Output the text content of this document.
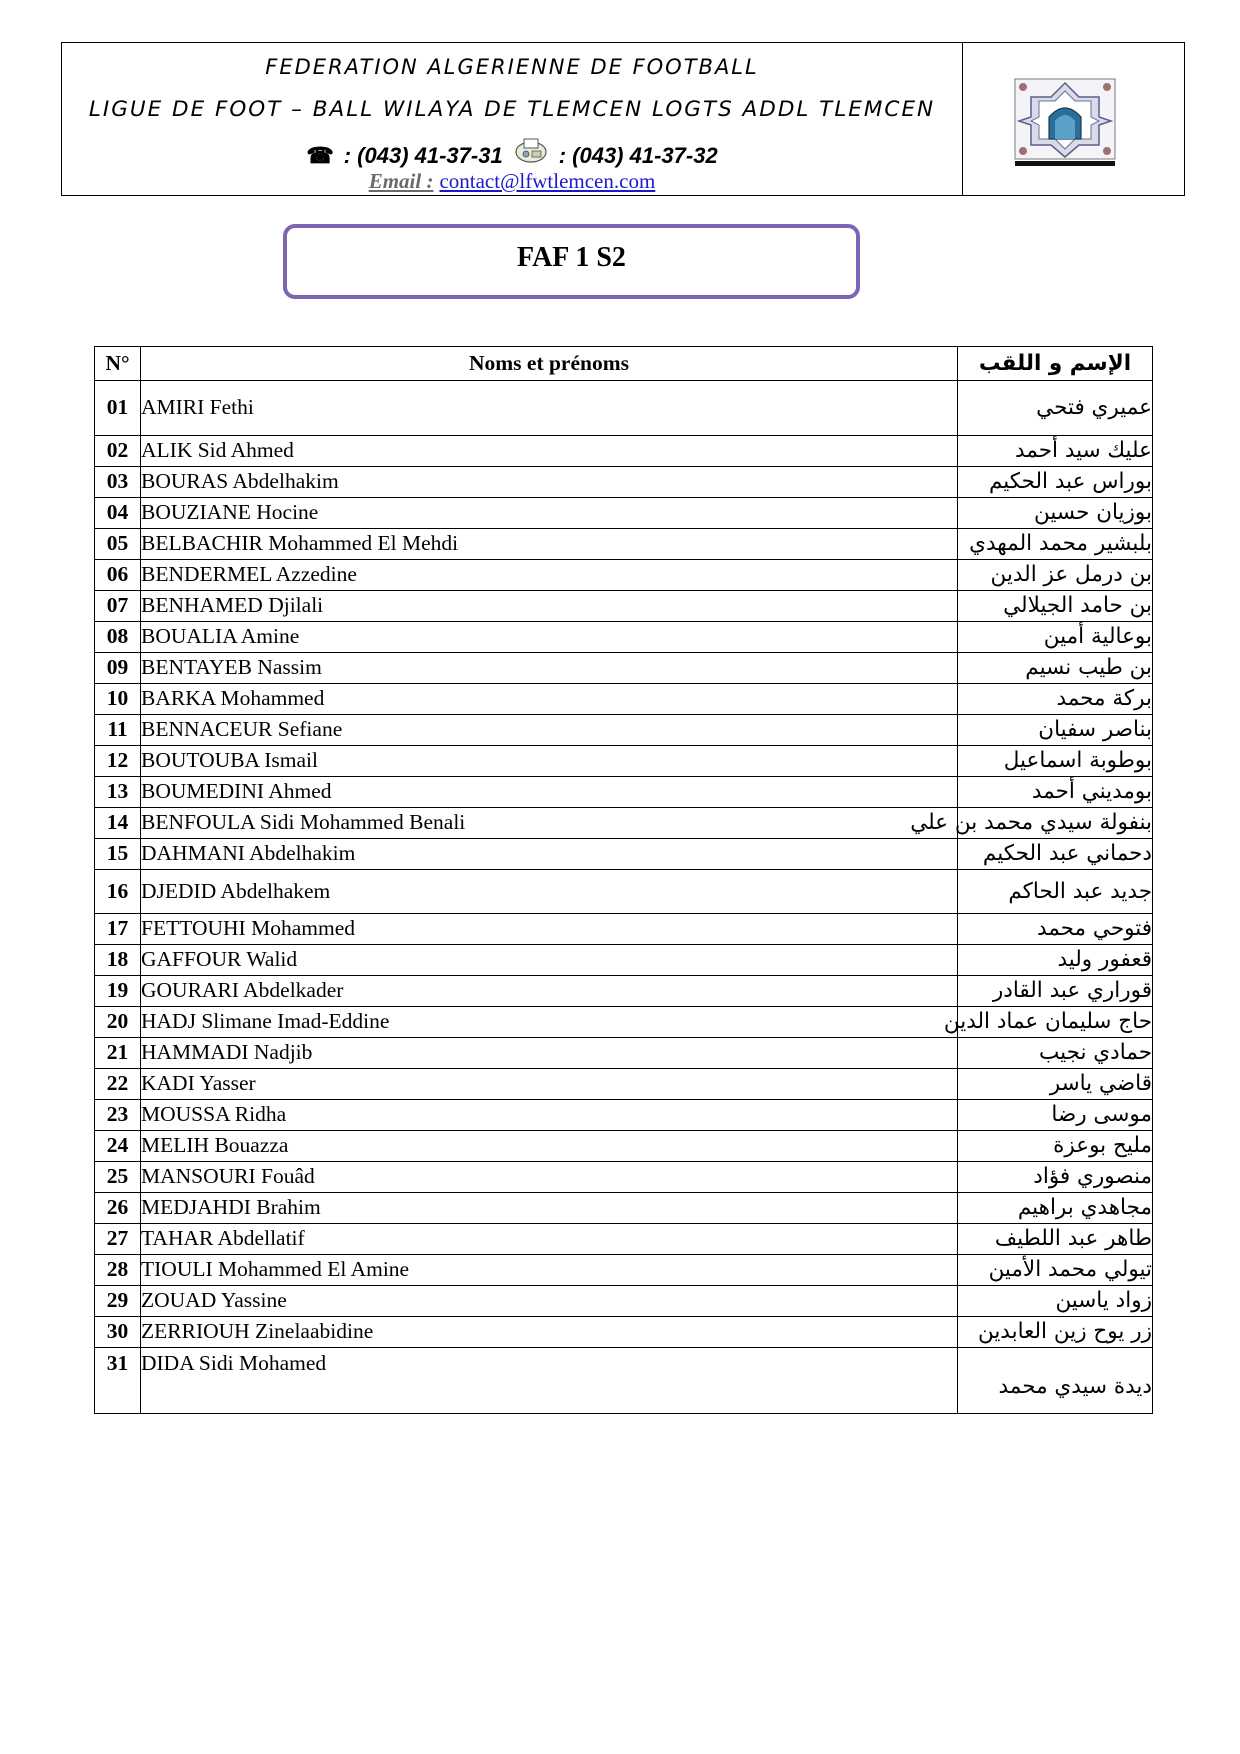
FEDERATION ALGERIENNE DE FOOTBALL
LIGUE DE FOOT – BALL WILAYA DE TLEMCEN LOGTS ADDL TLEMCEN
☎ : (043) 41-37-31	: (043) 41-37-32
Email : contact@lfwtlemcen.com
FAF 1 S2
N°	Noms et prénoms	الإسم و اللقب
01	AMIRI Fethi	عميري فتحي
02	ALIK Sid Ahmed	عليك سيد أحمد
03	BOURAS Abdelhakim	بوراس عبد الحكيم
04	BOUZIANE Hocine	بوزيان حسين
05	BELBACHIR Mohammed El Mehdi	بلبشير محمد المهدي
06	BENDERMEL Azzedine	بن درمل عز الدين
07	BENHAMED Djilali	بن حامد الجيلالي
08	BOUALIA Amine	بوعالية أمين
09	BENTAYEB Nassim	بن طيب نسيم
10	BARKA Mohammed	بركة محمد
11	BENNACEUR Sefiane	بناصر سفيان
12	BOUTOUBA Ismail	بوطوبة اسماعيل
13	BOUMEDINI Ahmed	بومديني أحمد
14	BENFOULA Sidi Mohammed Benali	بنفولة سيدي محمد بن علي
15	DAHMANI Abdelhakim	دحماني عبد الحكيم
16	DJEDID Abdelhakem	جديد عبد الحاكم
17	FETTOUHI Mohammed	فتوحي محمد
18	GAFFOUR Walid	قعفور وليد
19	GOURARI Abdelkader	قوراري عبد القادر
20	HADJ Slimane Imad-Eddine	حاج سليمان عماد الدين
21	HAMMADI Nadjib	حمادي نجيب
22	KADI Yasser	قاضي ياسر
23	MOUSSA Ridha	موسى رضا
24	MELIH Bouazza	مليح بوعزة
25	MANSOURI Fouâd	منصوري فؤاد
26	MEDJAHDI Brahim	مجاهدي براهيم
27	TAHAR Abdellatif	طاهر عبد اللطيف
28	TIOULI Mohammed El Amine	تيولي محمد الأمين
29	ZOUAD Yassine	زواد ياسين
30	ZERRIOUH Zinelaabidine	زر يوح زين العابدين
31	DIDA Sidi Mohamed	ديدة سيدي محمد
